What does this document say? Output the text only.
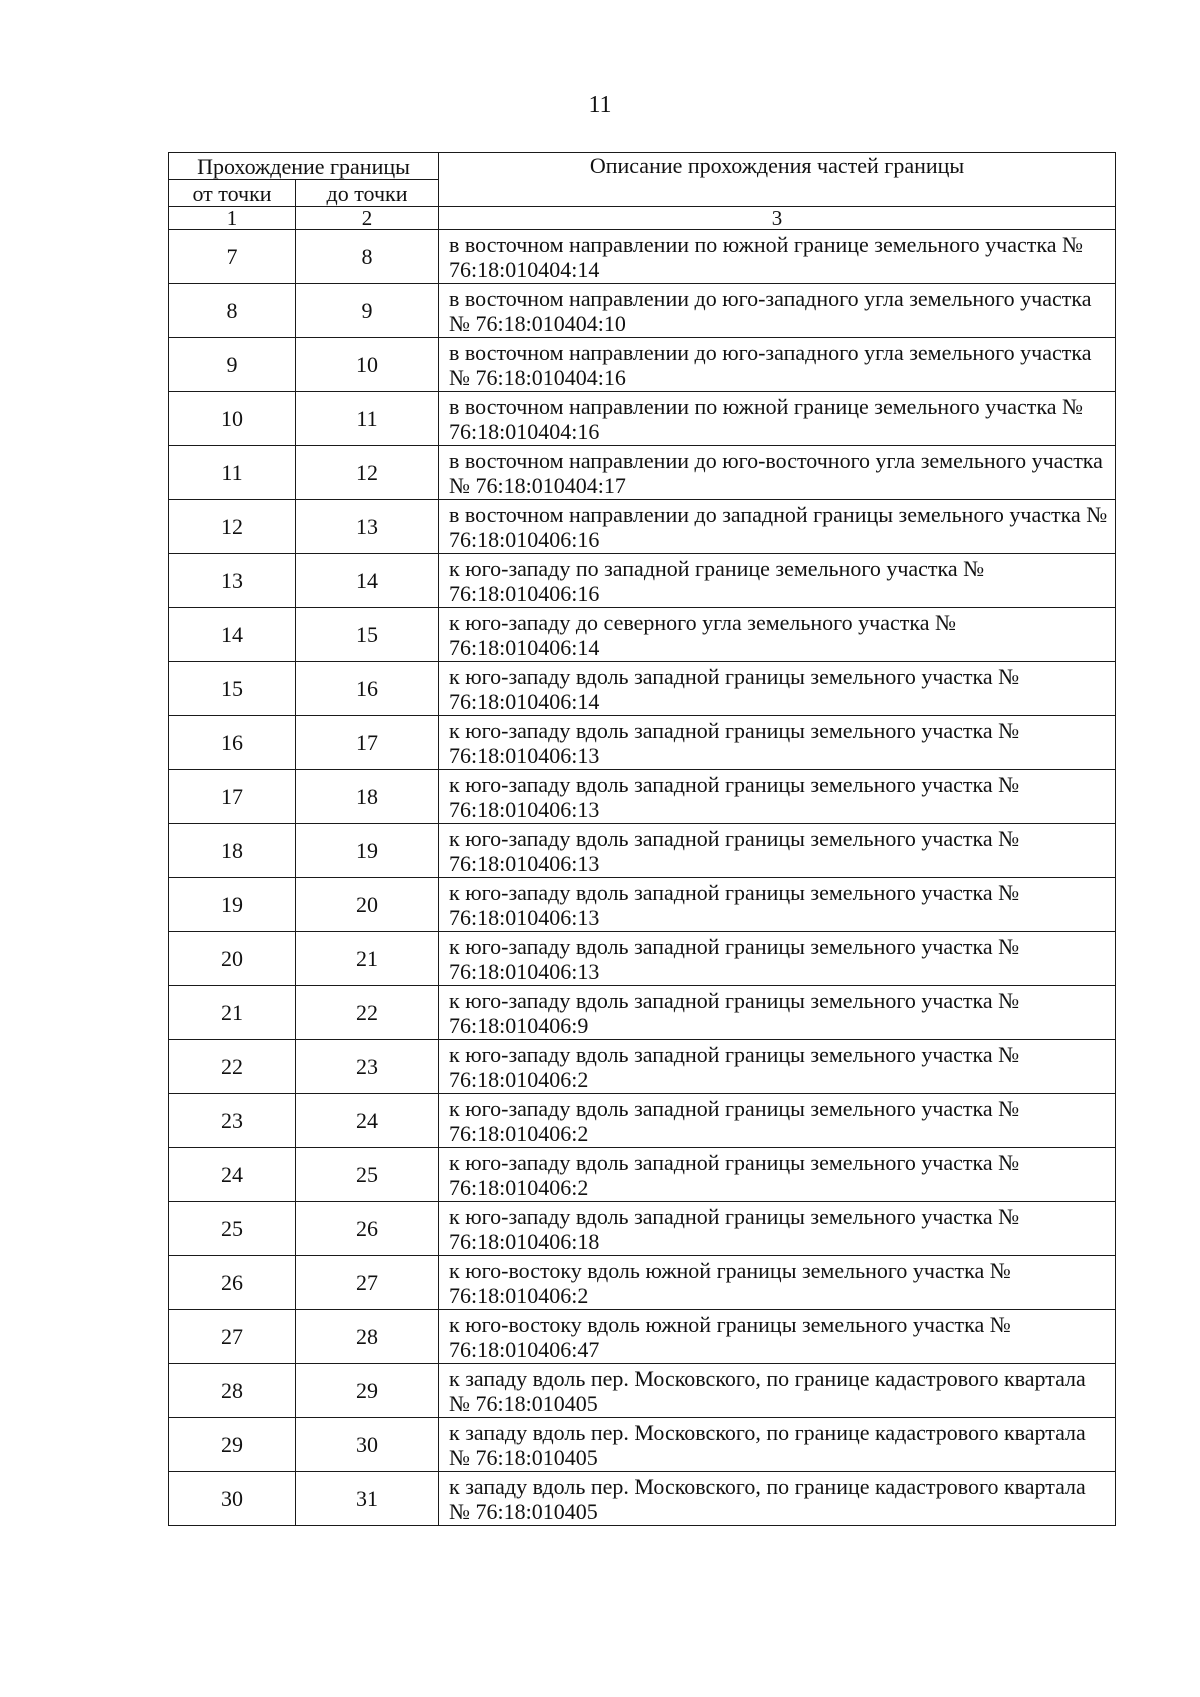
11
Прохождение границы		Описание прохождения частей границы
от точки	до точки	
1	2	3
7	8	в восточном направлении по южной границе земельного участка № 76:18:010404:14
8	9	в восточном направлении до юго-западного угла земельного участка № 76:18:010404:10
9	10	в восточном направлении до юго-западного угла земельного участка № 76:18:010404:16
10	11	в восточном направлении по южной границе земельного участка № 76:18:010404:16
11	12	в восточном направлении до юго-восточного угла земельного участка № 76:18:010404:17
12	13	в восточном направлении до западной границы земельного участка № 76:18:010406:16
13	14	к юго-западу по западной границе земельного участка № 76:18:010406:16
14	15	к юго-западу до северного угла земельного участка № 76:18:010406:14
15	16	к юго-западу вдоль западной границы земельного участка № 76:18:010406:14
16	17	к юго-западу вдоль западной границы земельного участка № 76:18:010406:13
17	18	к юго-западу вдоль западной границы земельного участка № 76:18:010406:13
18	19	к юго-западу вдоль западной границы земельного участка № 76:18:010406:13
19	20	к юго-западу вдоль западной границы земельного участка № 76:18:010406:13
20	21	к юго-западу вдоль западной границы земельного участка № 76:18:010406:13
21	22	к юго-западу вдоль западной границы земельного участка № 76:18:010406:9
22	23	к юго-западу вдоль западной границы земельного участка № 76:18:010406:2
23	24	к юго-западу вдоль западной границы земельного участка № 76:18:010406:2
24	25	к юго-западу вдоль западной границы земельного участка № 76:18:010406:2
25	26	к юго-западу вдоль западной границы земельного участка № 76:18:010406:18
26	27	к юго-востоку вдоль южной границы земельного участка № 76:18:010406:2
27	28	к юго-востоку вдоль южной границы земельного участка № 76:18:010406:47
28	29	к западу вдоль пер. Московского, по границе кадастрового квартала № 76:18:010405
29	30	к западу вдоль пер. Московского, по границе кадастрового квартала № 76:18:010405
30	31	к западу вдоль пер. Московского, по границе кадастрового квартала № 76:18:010405
